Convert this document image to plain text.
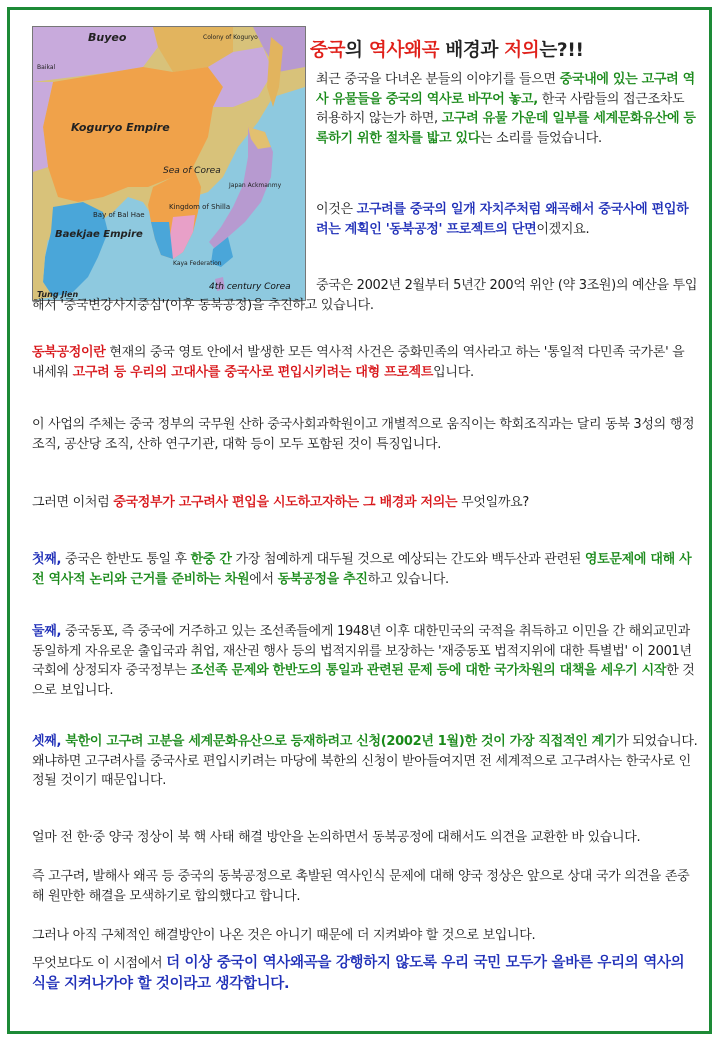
Buyeo
Koguryo Empire
Sea of Corea
Baekjae Empire
Bay of Bal Hae
Kingdom of Shilla
Kaya Federation
Japan Ackmanmy
Tung Jien
Baikal
Colony of Koguryo
4th century Corea
중국의 역사왜곡 배경과 저의는?!!
최근 중국을 다녀온 분들의 이야기를 들으면 중국내에 있는 고구려 역사 유물들을 중국의 역사로 바꾸어 놓고, 한국 사람들의 접근조차도 허용하지 않는가 하면, 고구려 유물 가운데 일부를 세계문화유산에 등록하기 위한 절차를 밟고 있다는 소리를 들었습니다.
이것은 고구려를 중국의 일개 자치주처럼 왜곡해서 중국사에 편입하려는 계획인 '동북공정' 프로젝트의 단면이겠지요.
중국은 2002년 2월부터 5년간 200억 위안 (약 3조원)의 예산을 투입해서 '중국변강사지중심'(이후 동북공정)을 추진하고 있습니다.
동북공정이란 현재의 중국 영토 안에서 발생한 모든 역사적 사건은 중화민족의 역사라고 하는 '통일적 다민족 국가론' 을 내세워 고구려 등 우리의 고대사를 중국사로 편입시키려는 대형 프로젝트입니다.
이 사업의 주체는 중국 정부의 국무원 산하 중국사회과학원이고 개별적으로 움직이는 학회조직과는 달리 동북 3성의 행정조직, 공산당 조직, 산하 연구기관, 대학 등이 모두 포함된 것이 특징입니다.
그러면 이처럼 중국정부가 고구려사 편입을 시도하고자하는 그 배경과 저의는 무엇일까요?
첫째, 중국은 한반도 통일 후 한중 간 가장 첨예하게 대두될 것으로 예상되는 간도와 백두산과 관련된 영토문제에 대해 사전 역사적 논리와 근거를 준비하는 차원에서 동북공정을 추진하고 있습니다.
둘째, 중국동포, 즉 중국에 거주하고 있는 조선족들에게 1948년 이후 대한민국의 국적을 취득하고 이민을 간 해외교민과 동일하게 자유로운 출입국과 취업, 재산권 행사 등의 법적지위를 보장하는 '재중동포 법적지위에 대한 특별법' 이 2001년 국회에 상정되자 중국정부는 조선족 문제와 한반도의 통일과 관련된 문제 등에 대한 국가차원의 대책을 세우기 시작한 것으로 보입니다.
셋째, 북한이 고구려 고분을 세계문화유산으로 등재하려고 신청(2002년 1월)한 것이 가장 직접적인 계기가 되었습니다. 왜냐하면 고구려사를 중국사로 편입시키려는 마당에 북한의 신청이 받아들여지면 전 세계적으로 고구려사는 한국사로 인정될 것이기 때문입니다.
얼마 전 한·중 양국 정상이 북 핵 사태 해결 방안을 논의하면서 동북공정에 대해서도 의견을 교환한 바 있습니다.
즉 고구려, 발해사 왜곡 등 중국의 동북공정으로 촉발된 역사인식 문제에 대해 양국 정상은 앞으로 상대 국가 의견을 존중해 원만한 해결을 모색하기로 합의했다고 합니다.
그러나 아직 구체적인 해결방안이 나온 것은 아니기 때문에 더 지켜봐야 할 것으로 보입니다.
무엇보다도 이 시점에서 더 이상 중국이 역사왜곡을 강행하지 않도록 우리 국민 모두가 올바른 우리의 역사의식을 지켜나가야 할 것이라고 생각합니다.
